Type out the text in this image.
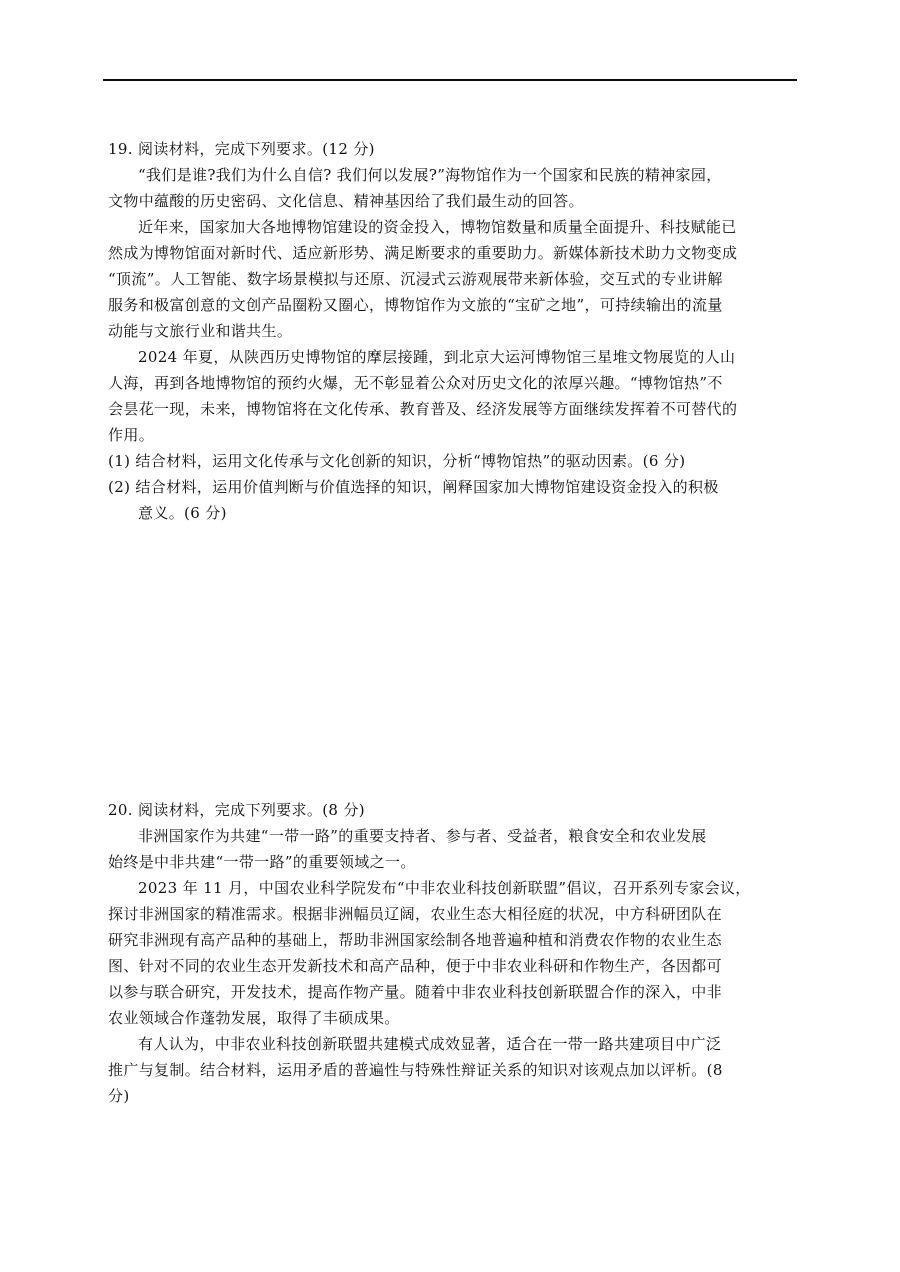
19. 阅读材料，完成下列要求。(12 分)
“我们是谁?我们为什么自信? 我们何以发展?”海物馆作为一个国家和民族的精神家园，
文物中蕴酸的历史密码、文化信息、精神基因给了我们最生动的回答。
近年来，国家加大各地博物馆建设的资金投入，博物馆数量和质量全面提升、科技赋能已
然成为博物馆面对新时代、适应新形势、满足断要求的重要助力。新媒体新技术助力文物变成
“顶流”。人工智能、数字场景模拟与还原、沉浸式云游观展带来新体验，交互式的专业讲解
服务和极富创意的文创产品圈粉又圈心，博物馆作为文旅的“宝矿之地”，可持续输出的流量
动能与文旅行业和谐共生。
2024 年夏，从陕西历史博物馆的摩层接踵，到北京大运河博物馆三星堆文物展览的人山
人海，再到各地博物馆的预约火爆，无不彰显着公众对历史文化的浓厚兴趣。“博物馆热”不
会昙花一现，未来，博物馆将在文化传承、教育普及、经济发展等方面继续发挥着不可替代的
作用。
(1) 结合材料，运用文化传承与文化创新的知识，分析“博物馆热”的驱动因素。(6 分)
(2) 结合材料，运用价值判断与价值选择的知识，阐释国家加大博物馆建设资金投入的积极
意义。(6 分)
20. 阅读材料，完成下列要求。(8 分)
非洲国家作为共建“一带一路”的重要支持者、参与者、受益者，粮食安全和农业发展
始终是中非共建“一带一路”的重要领域之一。
2023 年 11 月，中国农业科学院发布“中非农业科技创新联盟”倡议，召开系列专家会议，
探讨非洲国家的精准需求。根据非洲幅员辽阔，农业生态大相径庭的状况，中方科研团队在
研究非洲现有高产品种的基础上，帮助非洲国家绘制各地普遍种植和消费农作物的农业生态
图、针对不同的农业生态开发新技术和高产品种，便于中非农业科研和作物生产，各因都可
以参与联合研究，开发技术，提高作物产量。随着中非农业科技创新联盟合作的深入，中非
农业领域合作蓬勃发展，取得了丰硕成果。
有人认为，中非农业科技创新联盟共建模式成效显著，适合在一带一路共建项目中广泛
推广与复制。结合材料，运用矛盾的普遍性与特殊性辩证关系的知识对该观点加以评析。(8
分)
